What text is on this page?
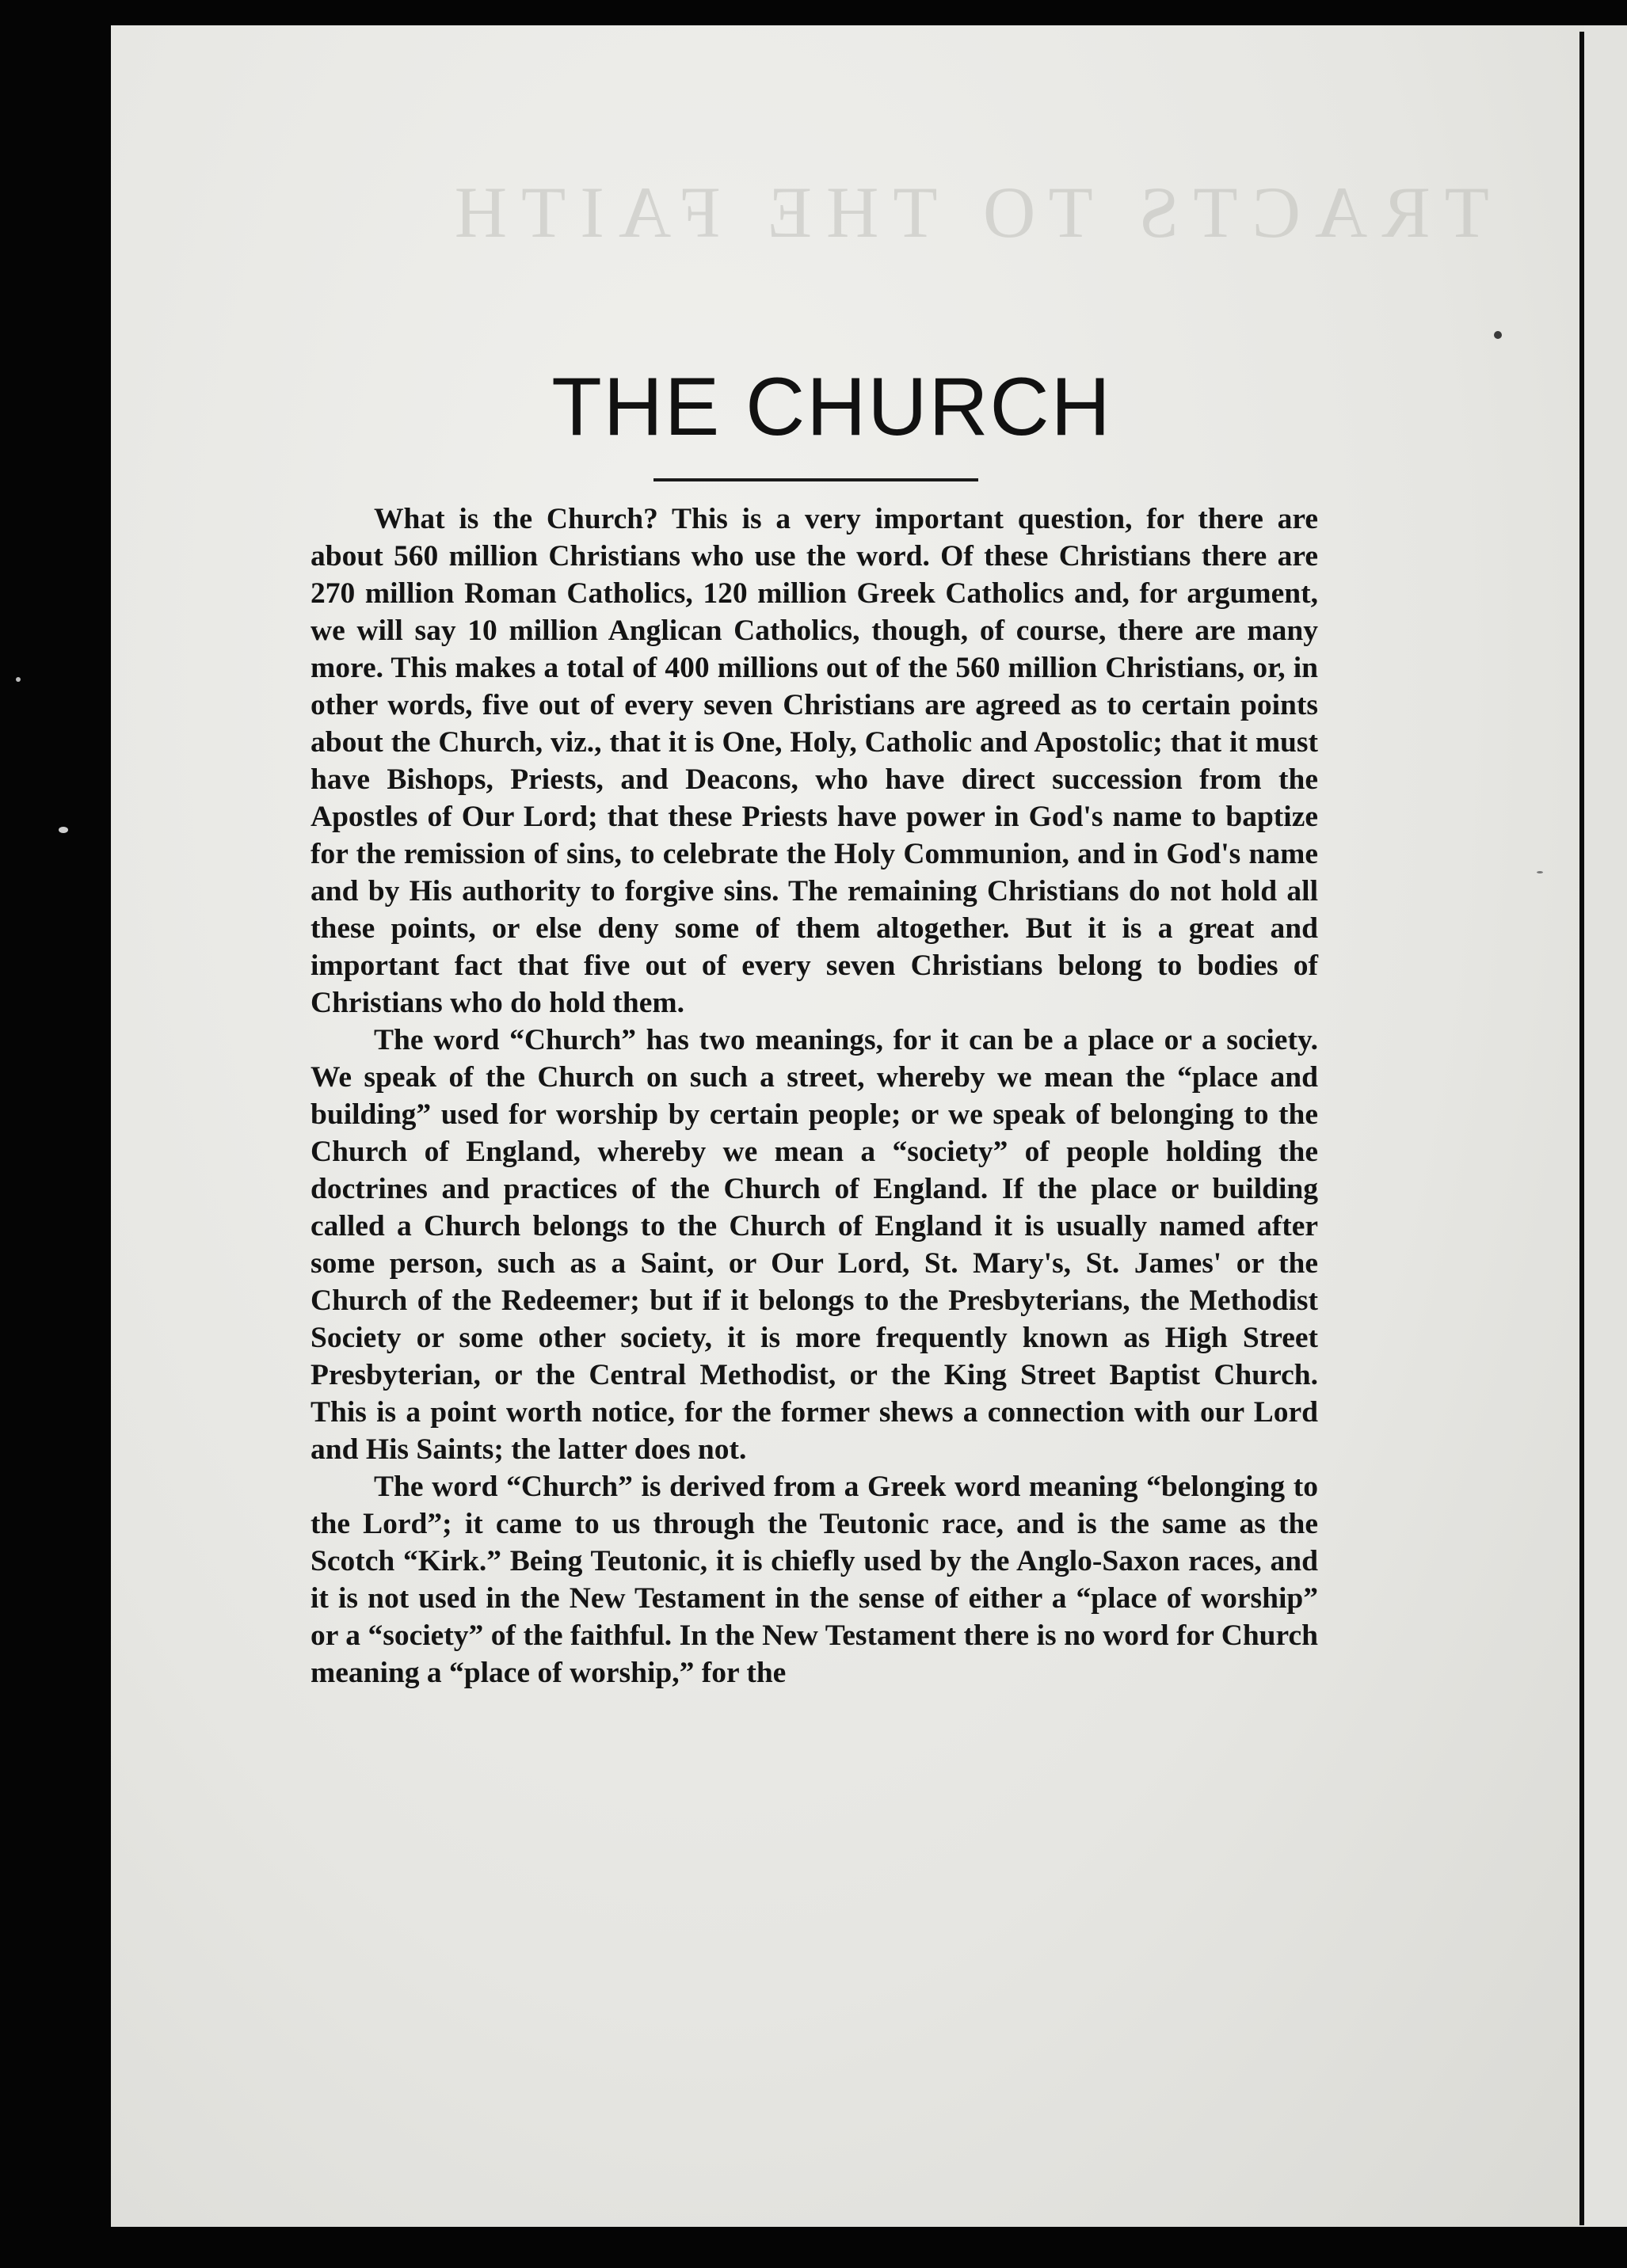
TRACTS TO THE FAITH
THE CHURCH

What is the Church? This is a very important question, for there are about 560 million Christians who use the word. Of these Christians there are 270 million Roman Catholics, 120 million Greek Catholics and, for argument, we will say 10 million Anglican Catholics, though, of course, there are many more. This makes a total of 400 millions out of the 560 million Christians, or, in other words, five out of every seven Christians are agreed as to certain points about the Church, viz., that it is One, Holy, Catholic and Apostolic; that it must have Bishops, Priests, and Deacons, who have direct succession from the Apostles of Our Lord; that these Priests have power in God's name to baptize for the remission of sins, to celebrate the Holy Communion, and in God's name and by His authority to forgive sins. The remaining Christians do not hold all these points, or else deny some of them altogether. But it is a great and important fact that five out of every seven Christians belong to bodies of Christians who do hold them.

The word “Church” has two meanings, for it can be a place or a society. We speak of the Church on such a street, whereby we mean the “place and building” used for worship by certain people; or we speak of belonging to the Church of England, whereby we mean a “society” of people holding the doctrines and practices of the Church of England. If the place or building called a Church belongs to the Church of England it is usually named after some person, such as a Saint, or Our Lord, St. Mary's, St. James' or the Church of the Redeemer; but if it belongs to the Presbyterians, the Methodist Society or some other society, it is more frequently known as High Street Presbyterian, or the Central Methodist, or the King Street Baptist Church. This is a point worth notice, for the former shews a connection with our Lord and His Saints; the latter does not.

The word “Church” is derived from a Greek word meaning “belonging to the Lord”; it came to us through the Teutonic race, and is the same as the Scotch “Kirk.” Being Teutonic, it is chiefly used by the Anglo-Saxon races, and it is not used in the New Testament in the sense of either a “place of worship” or a “society” of the faithful. In the New Testament there is no word for Church meaning a “place of worship,” for the
